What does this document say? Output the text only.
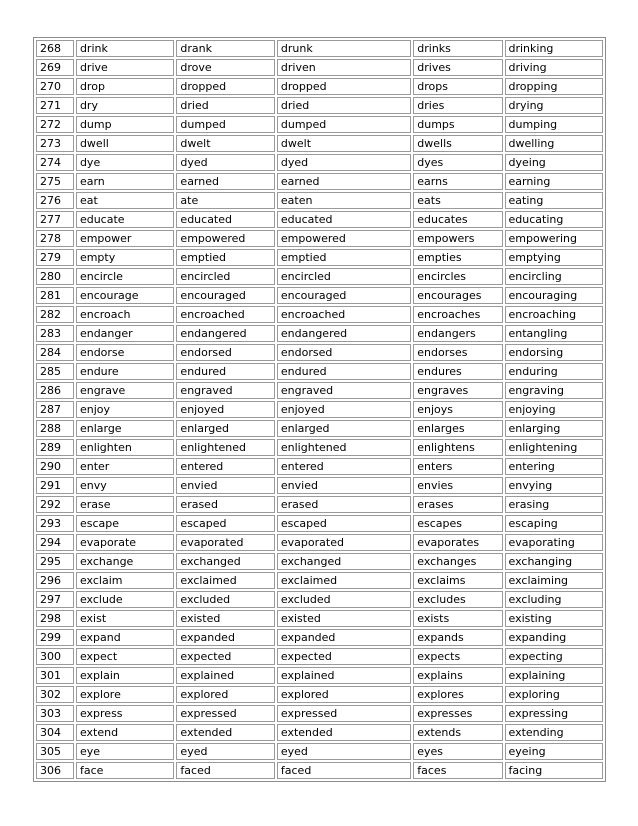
268	drink	drank	drunk	drinks	drinking
269	drive	drove	driven	drives	driving
270	drop	dropped	dropped	drops	dropping
271	dry	dried	dried	dries	drying
272	dump	dumped	dumped	dumps	dumping
273	dwell	dwelt	dwelt	dwells	dwelling
274	dye	dyed	dyed	dyes	dyeing
275	earn	earned	earned	earns	earning
276	eat	ate	eaten	eats	eating
277	educate	educated	educated	educates	educating
278	empower	empowered	empowered	empowers	empowering
279	empty	emptied	emptied	empties	emptying
280	encircle	encircled	encircled	encircles	encircling
281	encourage	encouraged	encouraged	encourages	encouraging
282	encroach	encroached	encroached	encroaches	encroaching
283	endanger	endangered	endangered	endangers	entangling
284	endorse	endorsed	endorsed	endorses	endorsing
285	endure	endured	endured	endures	enduring
286	engrave	engraved	engraved	engraves	engraving
287	enjoy	enjoyed	enjoyed	enjoys	enjoying
288	enlarge	enlarged	enlarged	enlarges	enlarging
289	enlighten	enlightened	enlightened	enlightens	enlightening
290	enter	entered	entered	enters	entering
291	envy	envied	envied	envies	envying
292	erase	erased	erased	erases	erasing
293	escape	escaped	escaped	escapes	escaping
294	evaporate	evaporated	evaporated	evaporates	evaporating
295	exchange	exchanged	exchanged	exchanges	exchanging
296	exclaim	exclaimed	exclaimed	exclaims	exclaiming
297	exclude	excluded	excluded	excludes	excluding
298	exist	existed	existed	exists	existing
299	expand	expanded	expanded	expands	expanding
300	expect	expected	expected	expects	expecting
301	explain	explained	explained	explains	explaining
302	explore	explored	explored	explores	exploring
303	express	expressed	expressed	expresses	expressing
304	extend	extended	extended	extends	extending
305	eye	eyed	eyed	eyes	eyeing
306	face	faced	faced	faces	facing
